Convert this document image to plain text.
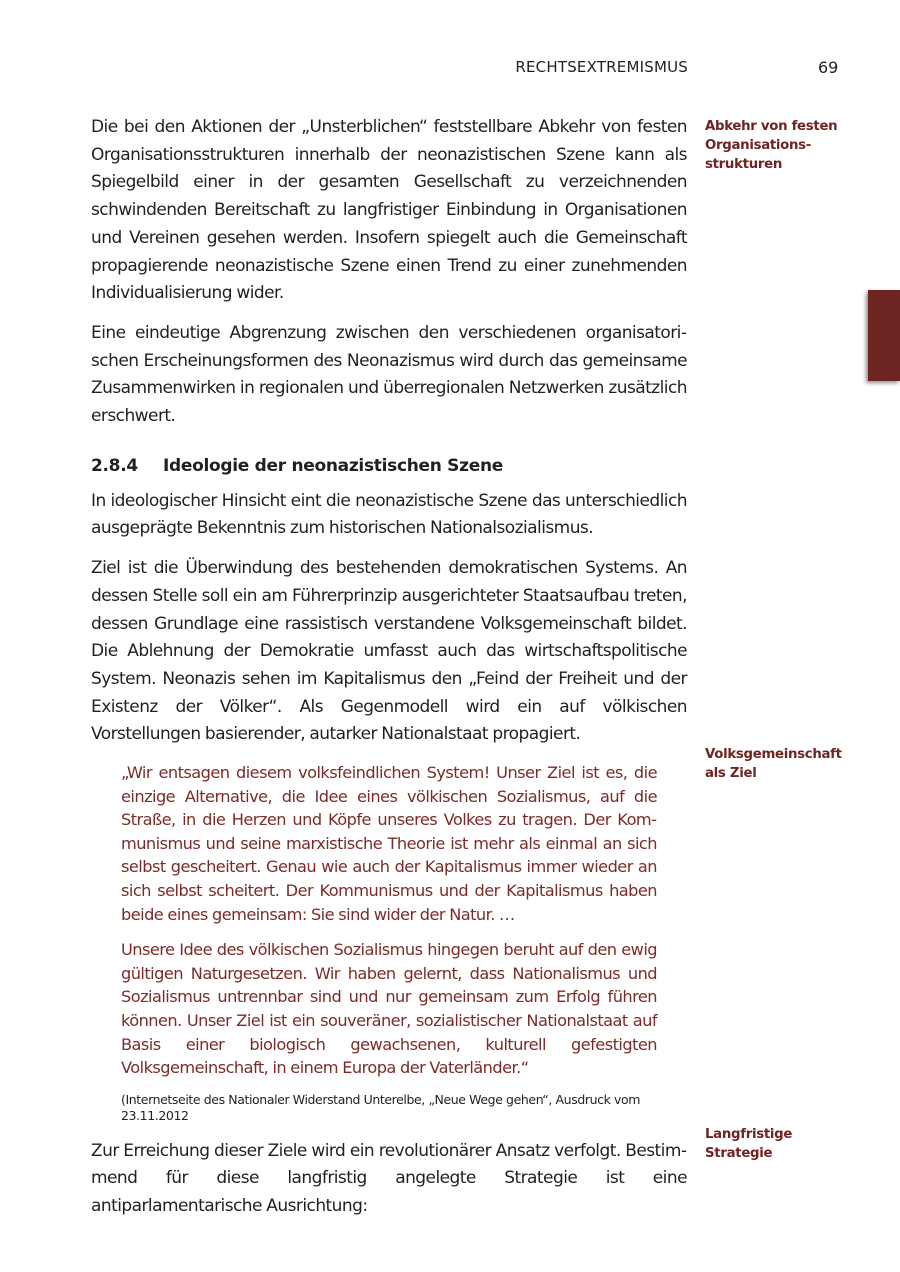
RECHTSEXTREMISMUS	69

Die bei den Aktionen der „Unsterblichen“ feststellbare Abkehr von festen Organisationsstrukturen innerhalb der neonazistischen Szene kann als Spiegelbild einer in der gesamten Gesellschaft zu verzeichnenden schwindenden Bereitschaft zu langfristiger Einbindung in Organisationen und Vereinen gesehen werden. Insofern spiegelt auch die Gemeinschaft propagierende neonazistische Szene einen Trend zu einer zunehmenden Individualisierung wider.

Eine eindeutige Abgrenzung zwischen den verschiedenen organisatorischen Erscheinungsformen des Neonazismus wird durch das gemeinsame Zusammenwirken in regionalen und überregionalen Netzwerken zusätzlich erschwert.

2.8.4 Ideologie der neonazistischen Szene

In ideologischer Hinsicht eint die neonazistische Szene das unterschiedlich ausgeprägte Bekenntnis zum historischen Nationalsozialismus.

Ziel ist die Überwindung des bestehenden demokratischen Systems. An dessen Stelle soll ein am Führerprinzip ausgerichteter Staatsaufbau treten, dessen Grundlage eine rassistisch verstandene Volksgemeinschaft bildet. Die Ablehnung der Demokratie umfasst auch das wirtschaftspolitische System. Neonazis sehen im Kapitalismus den „Feind der Freiheit und der Existenz der Völker“. Als Gegenmodell wird ein auf völkischen Vorstellungen basierender, autarker Nationalstaat propagiert.

„Wir entsagen diesem volksfeindlichen System! Unser Ziel ist es, die einzige Alternative, die Idee eines völkischen Sozialismus, auf die Straße, in die Herzen und Köpfe unseres Volkes zu tragen. Der Kommunismus und seine marxistische Theorie ist mehr als einmal an sich selbst gescheitert. Genau wie auch der Kapitalismus immer wieder an sich selbst scheitert. Der Kommunismus und der Kapitalismus haben beide eines gemeinsam: Sie sind wider der Natur. …

Unsere Idee des völkischen Sozialismus hingegen beruht auf den ewig gültigen Naturgesetzen. Wir haben gelernt, dass Nationalismus und Sozialismus untrennbar sind und nur gemeinsam zum Erfolg führen können. Unser Ziel ist ein souveräner, sozialistischer Nationalstaat auf Basis einer biologisch gewachsenen, kulturell gefestigten Volksgemeinschaft, in einem Europa der Vaterländer.“

(Internetseite des Nationaler Widerstand Unterelbe, „Neue Wege gehen“, Ausdruck vom 23.11.2012

Zur Erreichung dieser Ziele wird ein revolutionärer Ansatz verfolgt. Bestimmend für diese langfristig angelegte Strategie ist eine antiparlamentarische Ausrichtung:

Abkehr von festen Organisationsstrukturen
Volksgemeinschaft als Ziel
Langfristige Strategie
